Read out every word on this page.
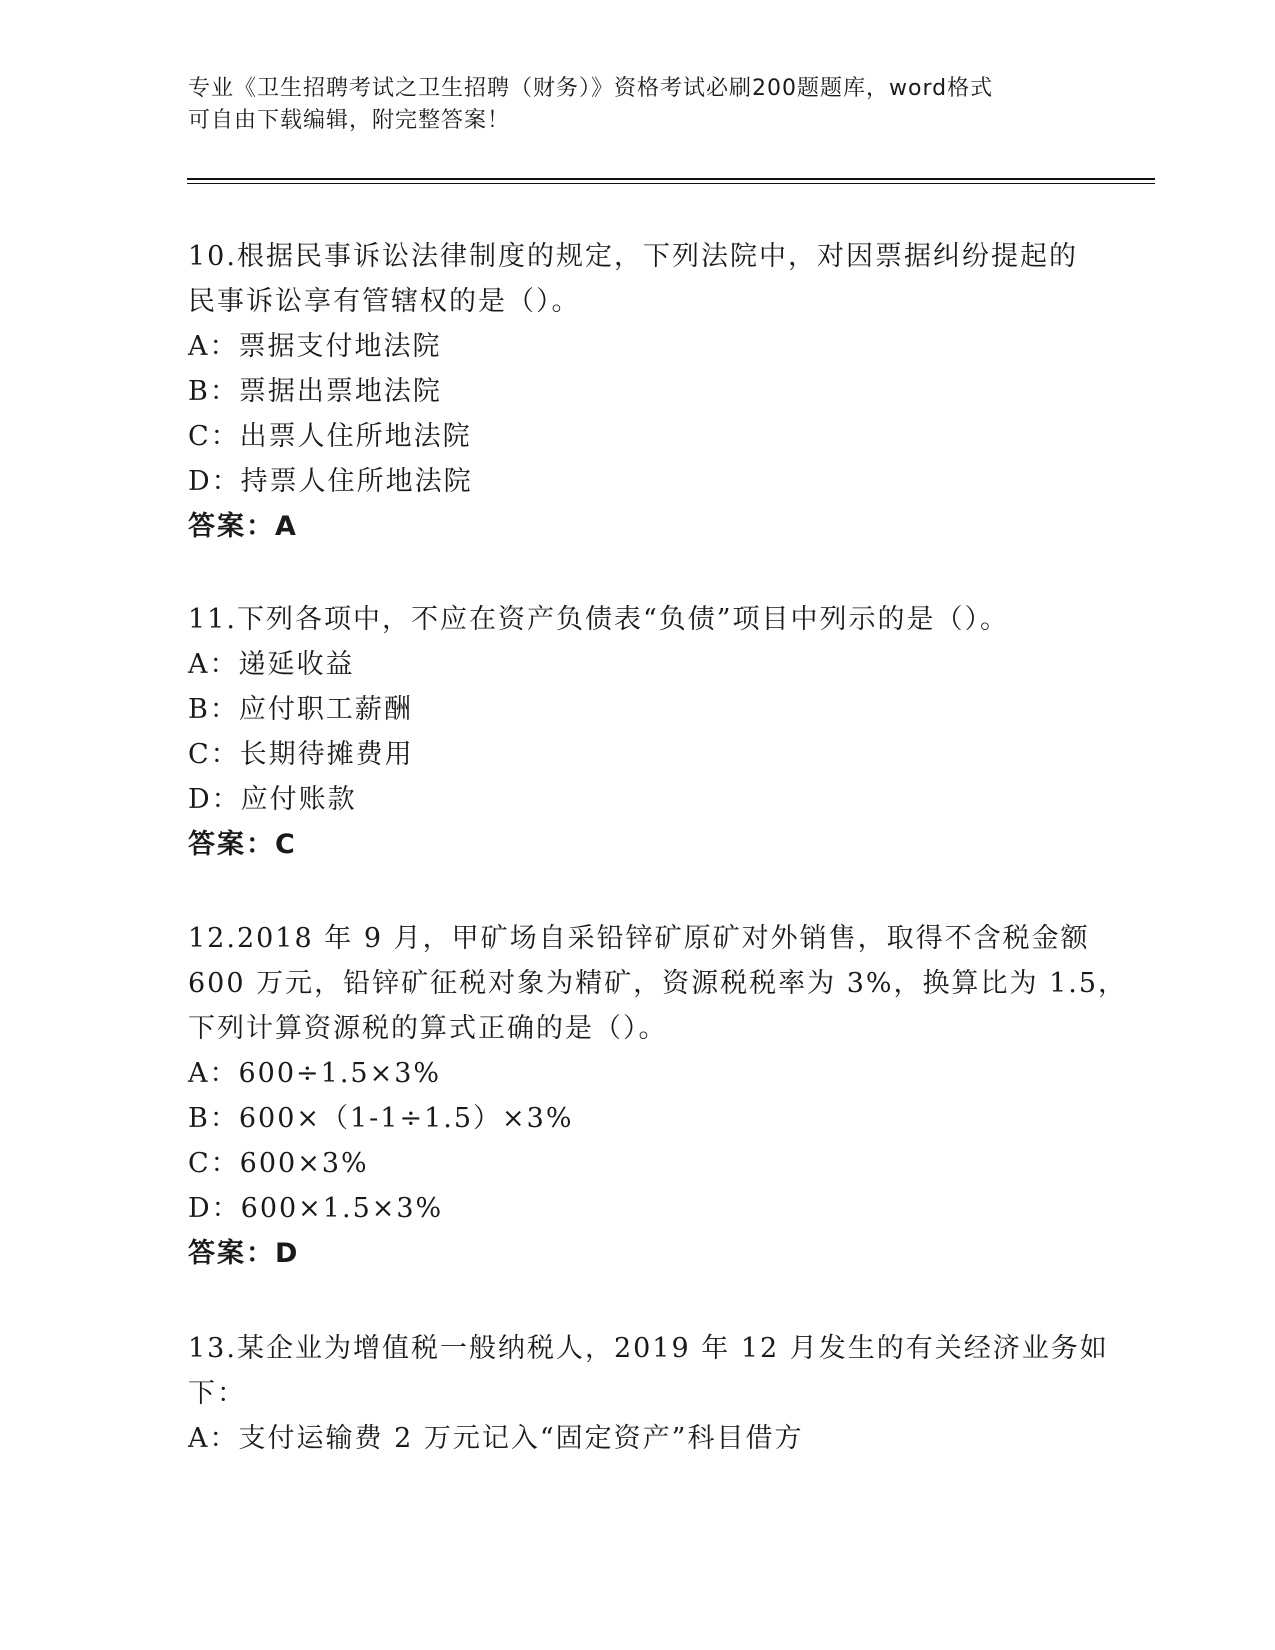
专业《卫生招聘考试之卫生招聘（财务）》资格考试必刷200题题库，word格式
可自由下载编辑，附完整答案！
10.根据民事诉讼法律制度的规定，下列法院中，对因票据纠纷提起的
民事诉讼享有管辖权的是（）。
A：票据支付地法院
B：票据出票地法院
C：出票人住所地法院
D：持票人住所地法院
答案：A
11.下列各项中，不应在资产负债表“负债”项目中列示的是（）。
A：递延收益
B：应付职工薪酬
C：长期待摊费用
D：应付账款
答案：C
12.2018 年 9 月，甲矿场自采铅锌矿原矿对外销售，取得不含税金额
600 万元，铅锌矿征税对象为精矿，资源税税率为 3%，换算比为 1.5，
下列计算资源税的算式正确的是（）。
A：600÷1.5×3%
B：600×（1-1÷1.5）×3%
C：600×3%
D：600×1.5×3%
答案：D
13.某企业为增值税一般纳税人，2019 年 12 月发生的有关经济业务如
下：
A：支付运输费 2 万元记入“固定资产”科目借方
